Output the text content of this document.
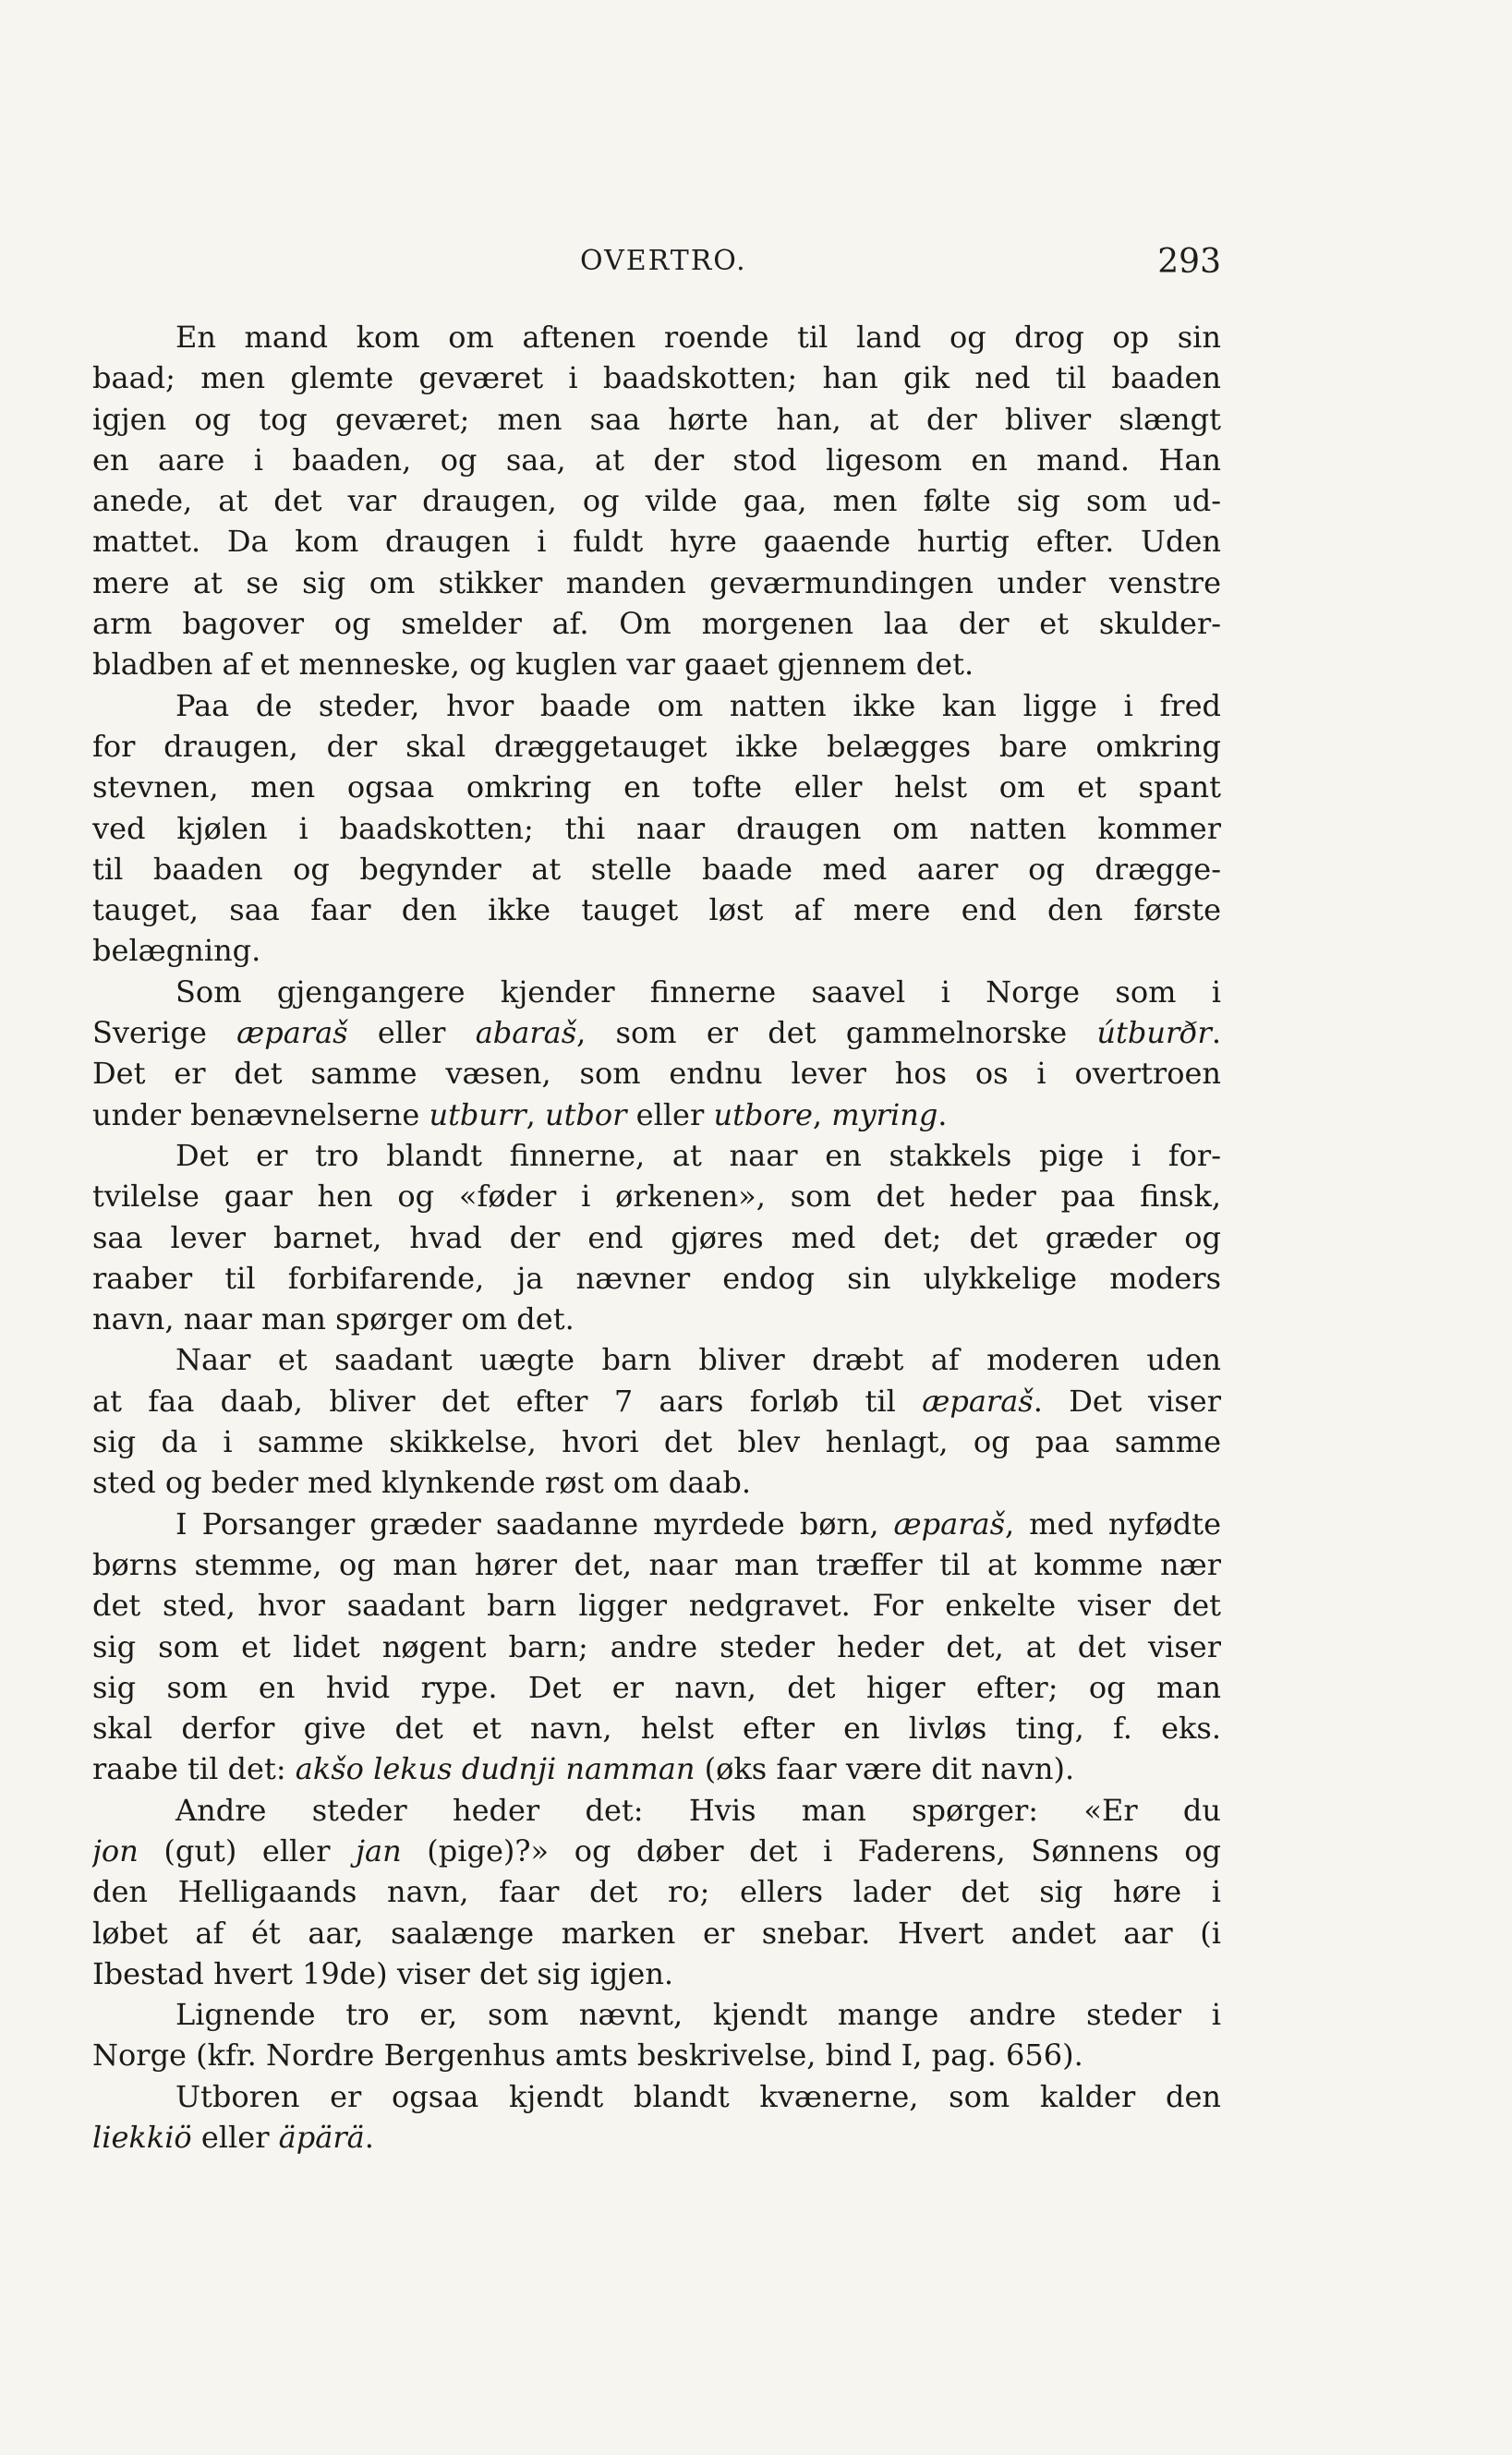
OVERTRO.	293
En mand kom om aftenen roende til land og drog op sin
baad; men glemte geværet i baadskotten; han gik ned til baaden
igjen og tog geværet; men saa hørte han, at der bliver slængt
en aare i baaden, og saa, at der stod ligesom en mand. Han
anede, at det var draugen, og vilde gaa, men følte sig som ud-
mattet. Da kom draugen i fuldt hyre gaaende hurtig efter. Uden
mere at se sig om stikker manden geværmundingen under venstre
arm bagover og smelder af. Om morgenen laa der et skulder-
bladben af et menneske, og kuglen var gaaet gjennem det.
Paa de steder, hvor baade om natten ikke kan ligge i fred
for draugen, der skal dræggetauget ikke belægges bare omkring
stevnen, men ogsaa omkring en tofte eller helst om et spant
ved kjølen i baadskotten; thi naar draugen om natten kommer
til baaden og begynder at stelle baade med aarer og drægge-
tauget, saa faar den ikke tauget løst af mere end den første
belægning.
Som gjengangere kjender finnerne saavel i Norge som i
Sverige æparaš eller abaraš, som er det gammelnorske útburðr.
Det er det samme væsen, som endnu lever hos os i overtroen
under benævnelserne utburr, utbor eller utbore, myring.
Det er tro blandt finnerne, at naar en stakkels pige i for-
tvilelse gaar hen og «føder i ørkenen», som det heder paa finsk,
saa lever barnet, hvad der end gjøres med det; det græder og
raaber til forbifarende, ja nævner endog sin ulykkelige moders
navn, naar man spørger om det.
Naar et saadant uægte barn bliver dræbt af moderen uden
at faa daab, bliver det efter 7 aars forløb til æparaš. Det viser
sig da i samme skikkelse, hvori det blev henlagt, og paa samme
sted og beder med klynkende røst om daab.
I Porsanger græder saadanne myrdede børn, æparaš, med nyfødte
børns stemme, og man hører det, naar man træffer til at komme nær
det sted, hvor saadant barn ligger nedgravet. For enkelte viser det
sig som et lidet nøgent barn; andre steder heder det, at det viser
sig som en hvid rype. Det er navn, det higer efter; og man
skal derfor give det et navn, helst efter en livløs ting, f. eks.
raabe til det: akšo lekus dudnji namman (øks faar være dit navn).
Andre steder heder det: Hvis man spørger: «Er du
jon (gut) eller jan (pige)?» og døber det i Faderens, Sønnens og
den Helligaands navn, faar det ro; ellers lader det sig høre i
løbet af ét aar, saalænge marken er snebar. Hvert andet aar (i
Ibestad hvert 19de) viser det sig igjen.
Lignende tro er, som nævnt, kjendt mange andre steder i
Norge (kfr. Nordre Bergenhus amts beskrivelse, bind I, pag. 656).
Utboren er ogsaa kjendt blandt kvænerne, som kalder den
liekkiö eller äpärä.
